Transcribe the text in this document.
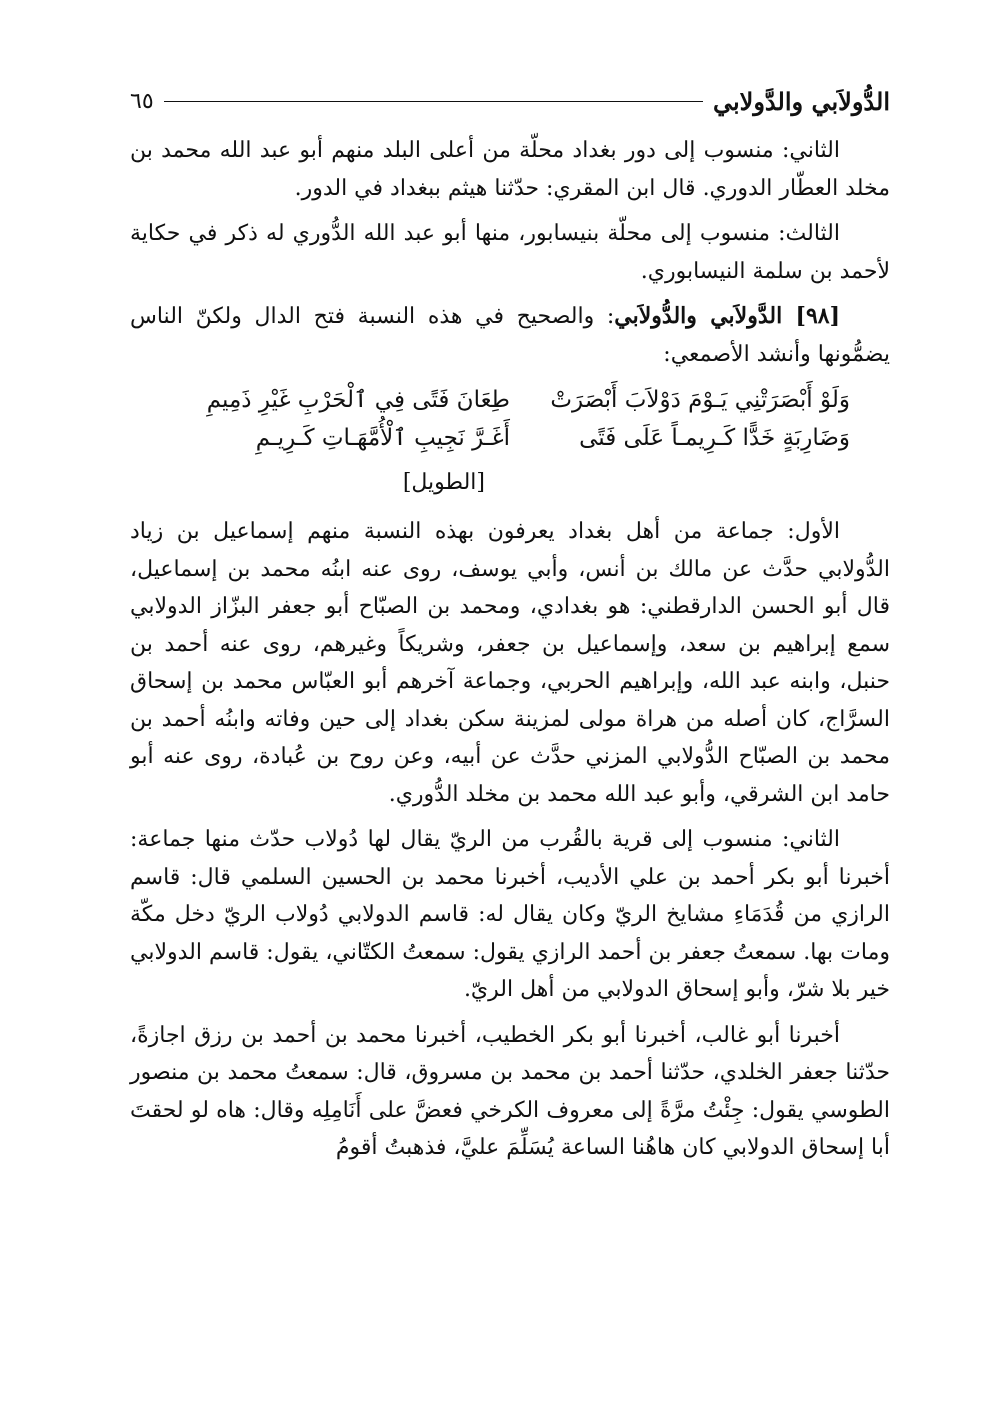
الدُّولاَبي والدَّولابي
٦٥

الثاني: منسوب إلى دور بغداد محلّة من أعلى البلد منهم أبو عبد الله محمد بن مخلد العطّار الدوري. قال ابن المقري: حدّثنا هيثم ببغداد في الدور.

الثالث: منسوب إلى محلّة بنيسابور، منها أبو عبد الله الدُّوري له ذكر في حكاية لأحمد بن سلمة النيسابوري.

[٩٨] الدَّولاَبي والدُّولاَبي: والصحيح في هذه النسبة فتح الدال ولكنّ الناس يضمُّونها وأنشد الأصمعي:

وَلَوْ أَبْصَرَتْنِي يَـوْمَ دَوْلاَبَ أَبْصَرَتْ
طِعَانَ فَتًى فِي ٱلْحَرْبِ غَيْرِ ذَمِيمِ
وَضَارِبَةٍ خَدًّا كَـرِيمـاً عَلَى فَتًى
أَغَـرَّ نَجِيبِ ٱلْأُمَّهَـاتِ كَـرِيـمِ
[الطويل]

الأول: جماعة من أهل بغداد يعرفون بهذه النسبة منهم إسماعيل بن زياد الدُّولابي حدَّث عن مالك بن أنس، وأبي يوسف، روى عنه ابنُه محمد بن إسماعيل، قال أبو الحسن الدارقطني: هو بغدادي، ومحمد بن الصبّاح أبو جعفر البزّاز الدولابي سمع إبراهيم بن سعد، وإسماعيل بن جعفر، وشريكاً وغيرهم، روى عنه أحمد بن حنبل، وابنه عبد الله، وإبراهيم الحربي، وجماعة آخرهم أبو العبّاس محمد بن إسحاق السرَّاج، كان أصله من هراة مولى لمزينة سكن بغداد إلى حين وفاته وابنُه أحمد بن محمد بن الصبّاح الدُّولابي المزني حدَّث عن أبيه، وعن روح بن عُبادة، روى عنه أبو حامد ابن الشرقي، وأبو عبد الله محمد بن مخلد الدُّوري.

الثاني: منسوب إلى قرية بالقُرب من الريّ يقال لها دُولاب حدّث منها جماعة: أخبرنا أبو بكر أحمد بن علي الأديب، أخبرنا محمد بن الحسين السلمي قال: قاسم الرازي من قُدَمَاءِ مشايخ الريّ وكان يقال له: قاسم الدولابي دُولاب الريّ دخل مكّة ومات بها. سمعتُ جعفر بن أحمد الرازي يقول: سمعتُ الكتّاني، يقول: قاسم الدولابي خير بلا شرّ، وأبو إسحاق الدولابي من أهل الريّ.

أخبرنا أبو غالب، أخبرنا أبو بكر الخطيب، أخبرنا محمد بن أحمد بن رزق اجازةً، حدّثنا جعفر الخلدي، حدّثنا أحمد بن محمد بن مسروق، قال: سمعتُ محمد بن منصور الطوسي يقول: جِئْتُ مرَّةً إلى معروف الكرخي فعضَّ على أَنَامِلِه وقال: هاه لو لحقتَ أبا إسحاق الدولابي كان هاهُنا الساعة يُسَلِّمَ عليَّ، فذهبتُ أقومُ
